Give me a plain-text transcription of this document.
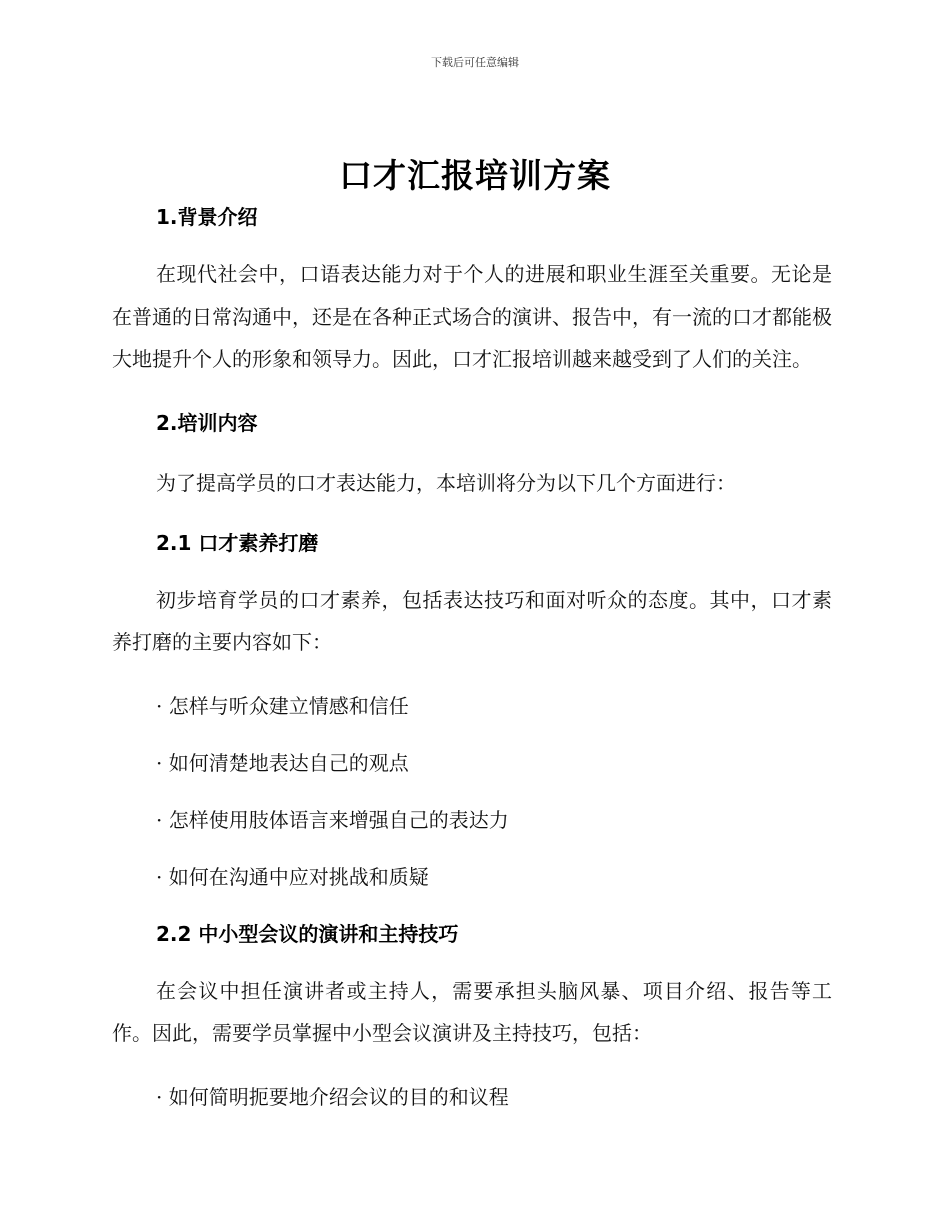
下载后可任意编辑
口才汇报培训方案

1.背景介绍

在现代社会中，口语表达能力对于个人的进展和职业生涯至关重要。无论是在普通的日常沟通中，还是在各种正式场合的演讲、报告中，有一流的口才都能极大地提升个人的形象和领导力。因此，口才汇报培训越来越受到了人们的关注。

2.培训内容

为了提高学员的口才表达能力，本培训将分为以下几个方面进行：

2.1 口才素养打磨

初步培育学员的口才素养，包括表达技巧和面对听众的态度。其中，口才素养打磨的主要内容如下：

· 怎样与听众建立情感和信任

· 如何清楚地表达自己的观点

· 怎样使用肢体语言来增强自己的表达力

· 如何在沟通中应对挑战和质疑

2.2 中小型会议的演讲和主持技巧

在会议中担任演讲者或主持人，需要承担头脑风暴、项目介绍、报告等工作。因此，需要学员掌握中小型会议演讲及主持技巧，包括：

· 如何简明扼要地介绍会议的目的和议程
